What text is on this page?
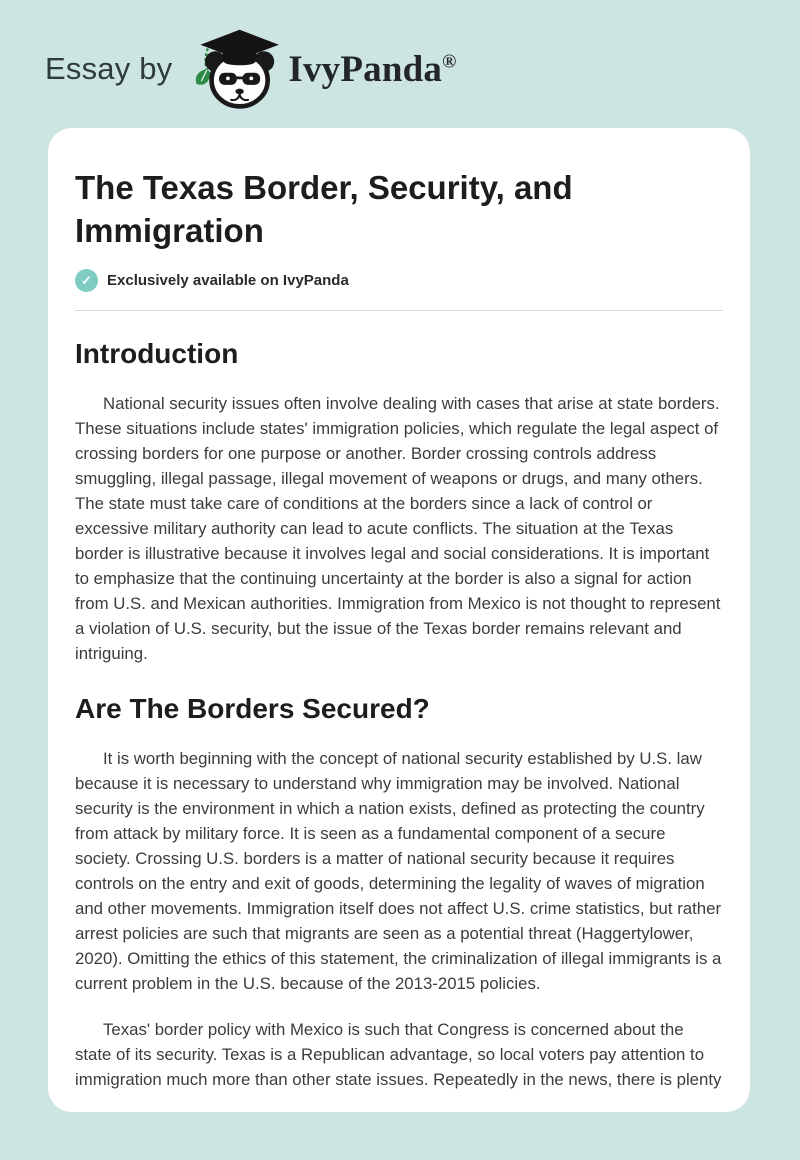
Essay by	IvyPanda®
The Texas Border, Security, and Immigration
✓	Exclusively available on IvyPanda
Introduction

National security issues often involve dealing with cases that arise at state borders. These situations include states' immigration policies, which regulate the legal aspect of crossing borders for one purpose or another. Border crossing controls address smuggling, illegal passage, illegal movement of weapons or drugs, and many others. The state must take care of conditions at the borders since a lack of control or excessive military authority can lead to acute conflicts. The situation at the Texas border is illustrative because it involves legal and social considerations. It is important to emphasize that the continuing uncertainty at the border is also a signal for action from U.S. and Mexican authorities. Immigration from Mexico is not thought to represent a violation of U.S. security, but the issue of the Texas border remains relevant and intriguing.

Are The Borders Secured?

It is worth beginning with the concept of national security established by U.S. law because it is necessary to understand why immigration may be involved. National security is the environment in which a nation exists, defined as protecting the country from attack by military force. It is seen as a fundamental component of a secure society. Crossing U.S. borders is a matter of national security because it requires controls on the entry and exit of goods, determining the legality of waves of migration and other movements. Immigration itself does not affect U.S. crime statistics, but rather arrest policies are such that migrants are seen as a potential threat (Haggertylower, 2020). Omitting the ethics of this statement, the criminalization of illegal immigrants is a current problem in the U.S. because of the 2013-2015 policies.

Texas' border policy with Mexico is such that Congress is concerned about the state of its security. Texas is a Republican advantage, so local voters pay attention to immigration much more than other state issues. Repeatedly in the news, there is plenty
